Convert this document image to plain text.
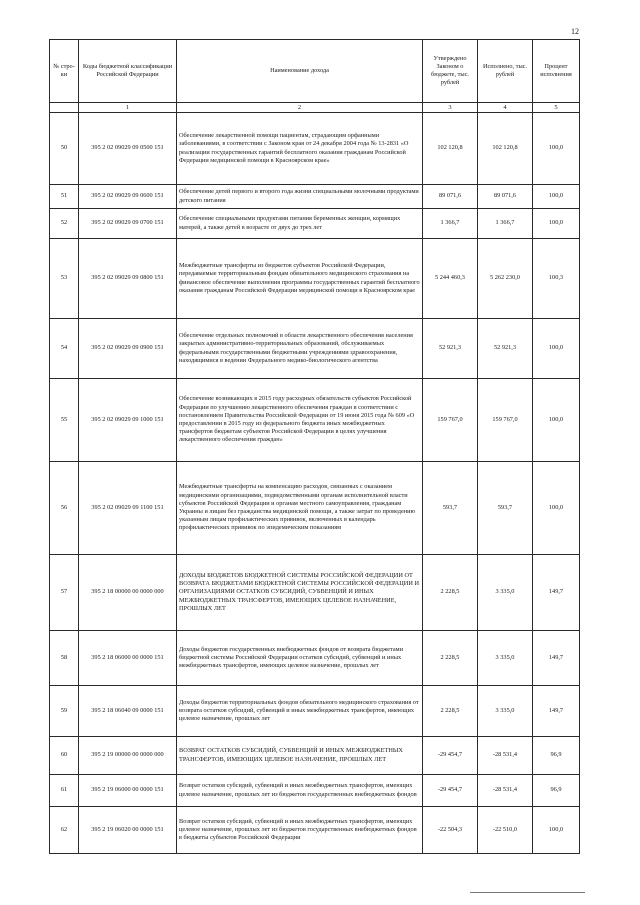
12
№ стро-ки	Коды бюджетной классификации Российской Федерации	Наименование дохода	Утверждено Законом о бюджете, тыс. рублей	Исполнено, тыс. рублей	Процент исполнения
	1	2	3	4	5
50	395 2 02 09029 09 0500 151	Обеспечение лекарственной помощи пациентам, страдающим орфанными заболеваниями, в соответствии с Законом края от 24 декабря 2004 года № 13-2831 «О реализации государственных гарантий бесплатного оказания гражданам Российской Федерации медицинской помощи в Красноярском крае»	102 120,8	102 120,8	100,0
51	395 2 02 09029 09 0600 151	Обеспечение детей первого и второго года жизни специальными молочными продуктами детского питания	89 071,6	89 071,6	100,0
52	395 2 02 09029 09 0700 151	Обеспечение специальными продуктами питания беременных женщин, кормящих матерей, а также детей в возрасте от двух до трех лет	1 366,7	1 366,7	100,0
53	395 2 02 09029 09 0800 151	Межбюджетные трансферты из бюджетов субъектов Российской Федерации, передаваемые территориальным фондам обязательного медицинского страхования на финансовое обеспечение выполнения программы государственных гарантий бесплатного оказания гражданам Российской Федерации медицинской помощи в Красноярском крае	5 244 460,3	5 262 230,0	100,3
54	395 2 02 09029 09 0900 151	Обеспечение отдельных полномочий в области лекарственного обеспечения населения закрытых административно-территориальных образований, обслуживаемых федеральными государственными бюджетными учреждениями здравоохранения, находящимися в ведении Федерального медико-биологического агентства	52 921,3	52 921,3	100,0
55	395 2 02 09029 09 1000 151	Обеспечение возникающих в 2015 году расходных обязательств субъектов Российской Федерации по улучшению лекарственного обеспечения граждан в соответствии с постановлением Правительства Российской Федерации от 19 июня 2015 года № 609 «О предоставлении в 2015 году из федерального бюджета иных межбюджетных трансфертов бюджетам субъектов Российской Федерации в целях улучшения лекарственного обеспечения граждан»	159 767,0	159 767,0	100,0
56	395 2 02 09029 09 1100 151	Межбюджетные трансферты на компенсацию расходов, связанных с оказанием медицинскими организациями, подведомственными органам исполнительной власти субъектов Российской Федерации и органам местного самоуправления, гражданам Украины и лицам без гражданства медицинской помощи, а также затрат по проведению указанным лицам профилактических прививок, включенных в календарь профилактических прививок по эпидемическим показаниям	593,7	593,7	100,0
57	395 2 18 00000 00 0000 000	ДОХОДЫ БЮДЖЕТОВ БЮДЖЕТНОЙ СИСТЕМЫ РОССИЙСКОЙ ФЕДЕРАЦИИ ОТ ВОЗВРАТА БЮДЖЕТАМИ БЮДЖЕТНОЙ СИСТЕМЫ РОССИЙСКОЙ ФЕДЕРАЦИИ И ОРГАНИЗАЦИЯМИ ОСТАТКОВ СУБСИДИЙ, СУБВЕНЦИЙ И ИНЫХ МЕЖБЮДЖЕТНЫХ ТРАНСФЕРТОВ, ИМЕЮЩИХ ЦЕЛЕВОЕ НАЗНАЧЕНИЕ, ПРОШЛЫХ ЛЕТ	2 228,5	3 335,0	149,7
58	395 2 18 06000 00 0000 151	Доходы бюджетов государственных внебюджетных фондов от возврата бюджетами бюджетной системы Российской Федерации остатков субсидий, субвенций и иных межбюджетных трансфертов, имеющих целевое назначение, прошлых лет	2 228,5	3 335,0	149,7
59	395 2 18 06040 09 0000 151	Доходы бюджетов территориальных фондов обязательного медицинского страхования от возврата остатков субсидий, субвенций и иных межбюджетных трансфертов, имеющих целевое назначение, прошлых лет	2 228,5	3 335,0	149,7
60	395 2 19 00000 00 0000 000	ВОЗВРАТ ОСТАТКОВ СУБСИДИЙ, СУБВЕНЦИЙ И ИНЫХ МЕЖБЮДЖЕТНЫХ ТРАНСФЕРТОВ, ИМЕЮЩИХ ЦЕЛЕВОЕ НАЗНАЧЕНИЕ, ПРОШЛЫХ ЛЕТ	-29 454,7	-28 531,4	96,9
61	395 2 19 06000 00 0000 151	Возврат остатков субсидий, субвенций и иных межбюджетных трансфертов, имеющих целевое назначение, прошлых лет из бюджетов государственных внебюджетных фондов	-29 454,7	-28 531,4	96,9
62	395 2 19 06020 00 0000 151	Возврат остатков субсидий, субвенций и иных межбюджетных трансфертов, имеющих целевое назначение, прошлых лет из бюджетов государственных внебюджетных фондов в бюджеты субъектов Российской Федерации	-22 504,3	-22 510,0	100,0
